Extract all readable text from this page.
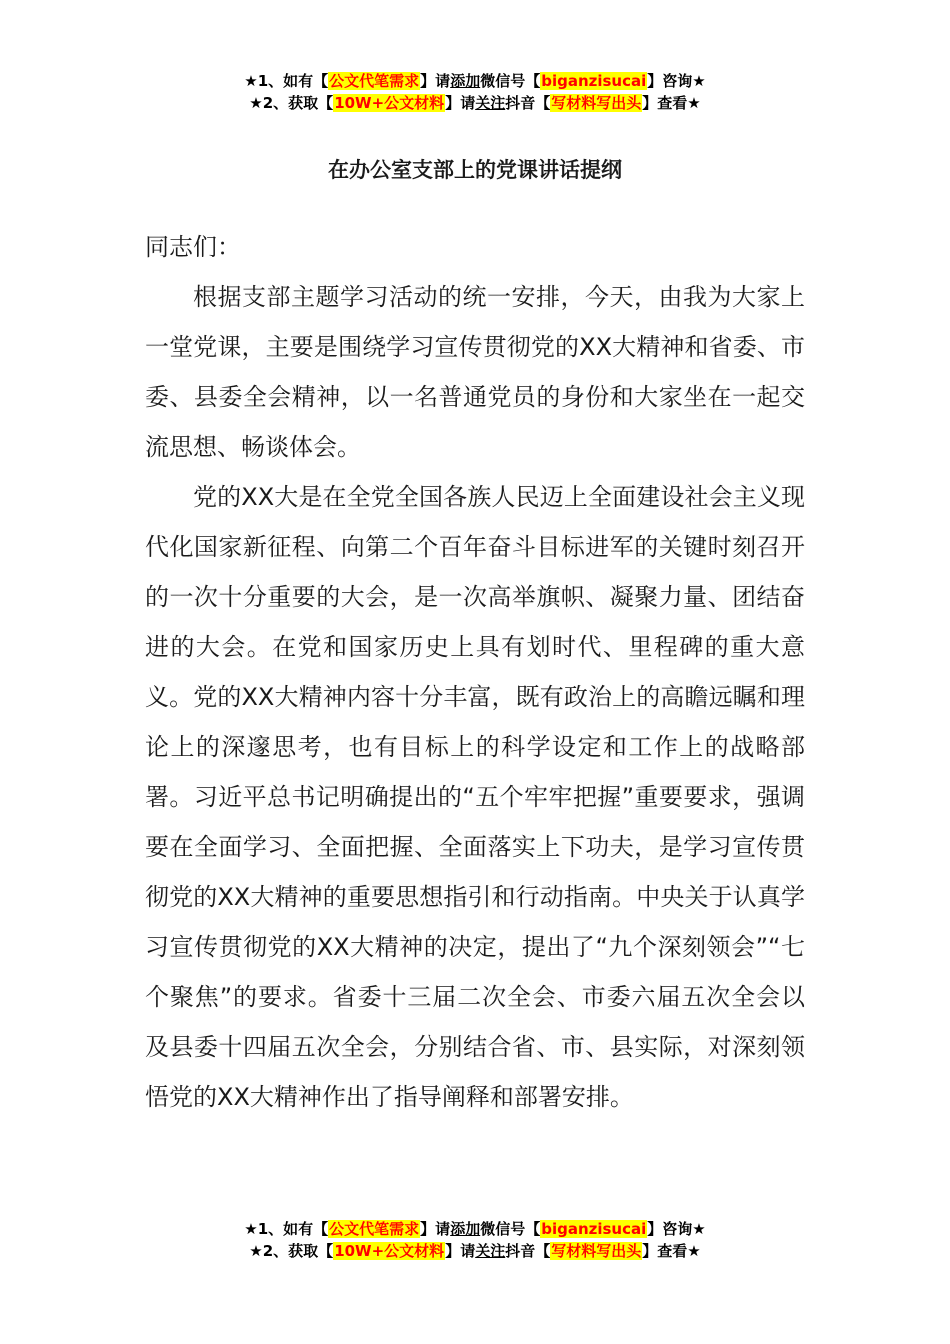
★1、如有【公文代笔需求】请添加微信号【biganzisucai】咨询★
★2、获取【10W+公文材料】请关注抖音【写材料写出头】查看★
在办公室支部上的党课讲话提纲

同志们：

根据支部主题学习活动的统一安排，今天，由我为大家上一堂党课，主要是围绕学习宣传贯彻党的XX大精神和省委、市委、县委全会精神，以一名普通党员的身份和大家坐在一起交流思想、畅谈体会。

党的XX大是在全党全国各族人民迈上全面建设社会主义现代化国家新征程、向第二个百年奋斗目标进军的关键时刻召开的一次十分重要的大会，是一次高举旗帜、凝聚力量、团结奋进的大会。在党和国家历史上具有划时代、里程碑的重大意义。党的XX大精神内容十分丰富，既有政治上的高瞻远瞩和理论上的深邃思考，也有目标上的科学设定和工作上的战略部署。习近平总书记明确提出的“五个牢牢把握”重要要求，强调要在全面学习、全面把握、全面落实上下功夫，是学习宣传贯彻党的XX大精神的重要思想指引和行动指南。中央关于认真学习宣传贯彻党的XX大精神的决定，提出了“九个深刻领会”“七个聚焦”的要求。省委十三届二次全会、市委六届五次全会以及县委十四届五次全会，分别结合省、市、县实际，对深刻领悟党的XX大精神作出了指导阐释和部署安排。

★1、如有【公文代笔需求】请添加微信号【biganzisucai】咨询★
★2、获取【10W+公文材料】请关注抖音【写材料写出头】查看★
